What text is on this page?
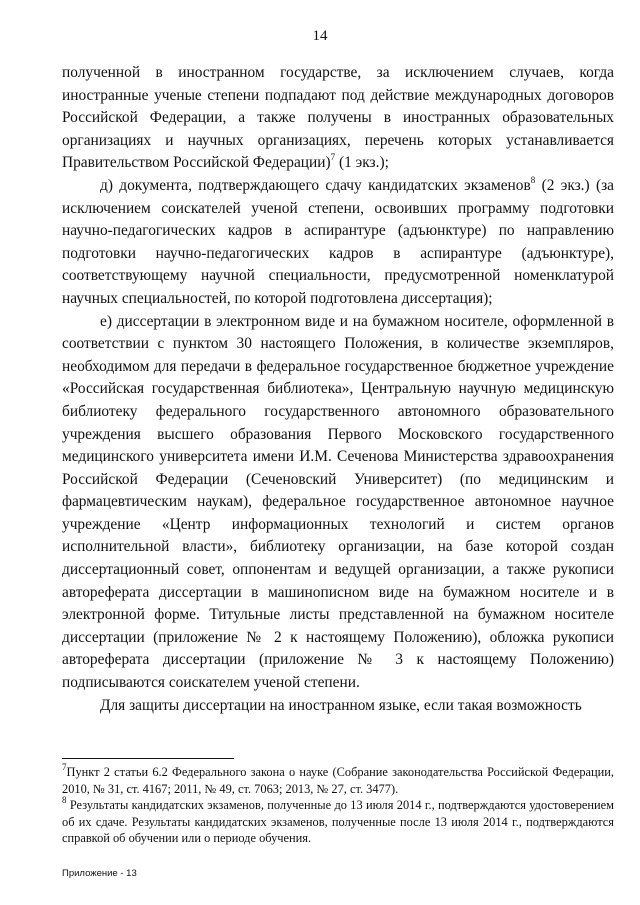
14

полученной в иностранном государстве, за исключением случаев, когда иностранные ученые степени подпадают под действие международных договоров Российской Федерации, а также получены в иностранных образовательных организациях и научных организациях, перечень которых устанавливается Правительством Российской Федерации)$^7$ (1 экз.);

д) документа, подтверждающего сдачу кандидатских экзаменов$^8$ (2 экз.) (за исключением соискателей ученой степени, освоивших программу подготовки научно-педагогических кадров в аспирантуре (адъюнктуре) по направлению подготовки научно-педагогических кадров в аспирантуре (адъюнктуре), соответствующему научной специальности, предусмотренной номенклатурой научных специальностей, по которой подготовлена диссертация);

е) диссертации в электронном виде и на бумажном носителе, оформленной в соответствии с пунктом 30 настоящего Положения, в количестве экземпляров, необходимом для передачи в федеральное государственное бюджетное учреждение «Российская государственная библиотека», Центральную научную медицинскую библиотеку федерального государственного автономного образовательного учреждения высшего образования Первого Московского государственного медицинского университета имени И.М. Сеченова Министерства здравоохранения Российской Федерации (Сеченовский Университет) (по медицинским и фармацевтическим наукам), федеральное государственное автономное научное учреждение «Центр информационных технологий и систем органов исполнительной власти», библиотеку организации, на базе которой создан диссертационный совет, оппонентам и ведущей организации, а также рукописи автореферата диссертации в машинописном виде на бумажном носителе и в электронной форме. Титульные листы представленной на бумажном носителе диссертации (приложение № 2 к настоящему Положению), обложка рукописи автореферата диссертации (приложение № 3 к настоящему Положению) подписываются соискателем ученой степени.

Для защиты диссертации на иностранном языке, если такая возможность

$^7$Пункт 2 статьи 6.2 Федерального закона о науке (Собрание законодательства Российской Федерации, 2010, № 31, ст. 4167; 2011, № 49, ст. 7063; 2013, № 27, ст. 3477).

$^8$ Результаты кандидатских экзаменов, полученные до 13 июля 2014 г., подтверждаются удостоверением об их сдаче. Результаты кандидатских экзаменов, полученные после 13 июля 2014 г., подтверждаются справкой об обучении или о периоде обучения.

Приложение - 13
